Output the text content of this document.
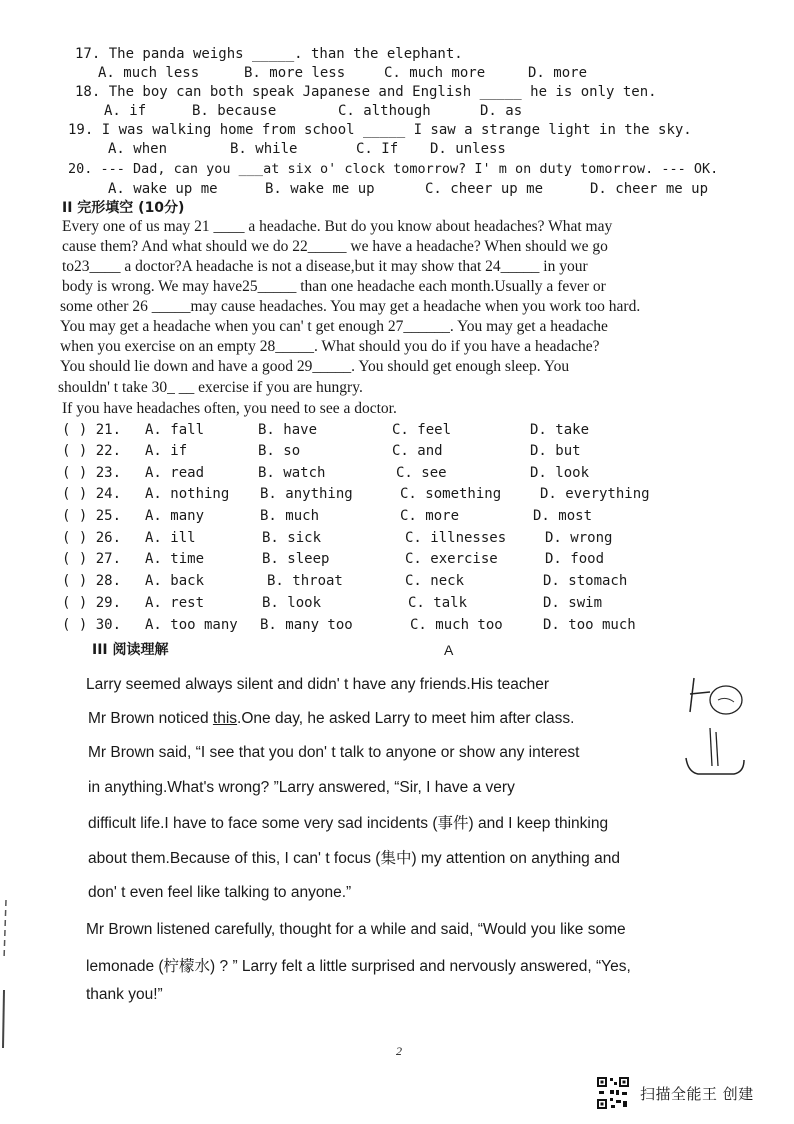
17. The panda weighs _____. than the elephant.
A. much less	B. more less	C. much more	D. more
18. The boy can both speak Japanese and English _____ he is only ten.
A. if	B. because	C. although	D. as
19. I was walking home from school _____ I saw a strange light in the sky.
A. when	B. while	C. If D. unless
20. --- Dad, can you ___at six o' clock tomorrow? I' m on duty tomorrow. --- OK.
A. wake up me	B. wake me up	C. cheer up me	D. cheer me up
II 完形填空 (10分)
Every one of us may 21 ____ a headache. But do you know about headaches? What may
cause them? And what should we do 22_____ we have a headache? When should we go
to23____ a doctor?A headache is not a disease,but it may show that 24_____ in your
body is wrong. We may have25_____ than one headache each month.Usually a fever or
some other 26 _____may cause headaches. You may get a headache when you work too hard.
You may get a headache when you can' t get enough 27______. You may get a headache
when you exercise on an empty 28_____. What should you do if you have a headache?
You should lie down and have a good 29_____. You should get enough sleep. You
shouldn' t take 30_ __ exercise if you are hungry.
If you have headaches often, you need to see a doctor.
( ) 21. A. fall	B. have	C. feel	D. take
( ) 22. A. if	B. so	C. and	D. but
( ) 23. A. read	B. watch	C. see	D. look
( ) 24. A. nothing B. anything	C. something	D. everything
( ) 25. A. many	B. much	C. more	D. most
( ) 26. A. ill	B. sick	C. illnesses	D. wrong
( ) 27. A. time	B. sleep	C. exercise	D. food
( ) 28. A. back	B. throat	C. neck	D. stomach
( ) 29. A. rest	B. look	C. talk	D. swim
( ) 30. A. too many B. many too	C. much too	D. too much
III 阅读理解	A
Larry seemed always silent and didn' t have any friends.His teacher
Mr Brown noticed this.One day, he asked Larry to meet him after class.
Mr Brown said, “I see that you don' t talk to anyone or show any interest
in anything.What's wrong? ”Larry answered, “Sir, I have a very
difficult life.I have to face some very sad incidents (事件) and I keep thinking
about them.Because of this, I can' t focus (集中) my attention on anything and
don' t even feel like talking to anyone.”
Mr Brown listened carefully, thought for a while and said, “Would you like some
lemonade (柠檬水) ? ” Larry felt a little surprised and nervously answered, “Yes,
thank you!”
2
扫描全能王 创建
